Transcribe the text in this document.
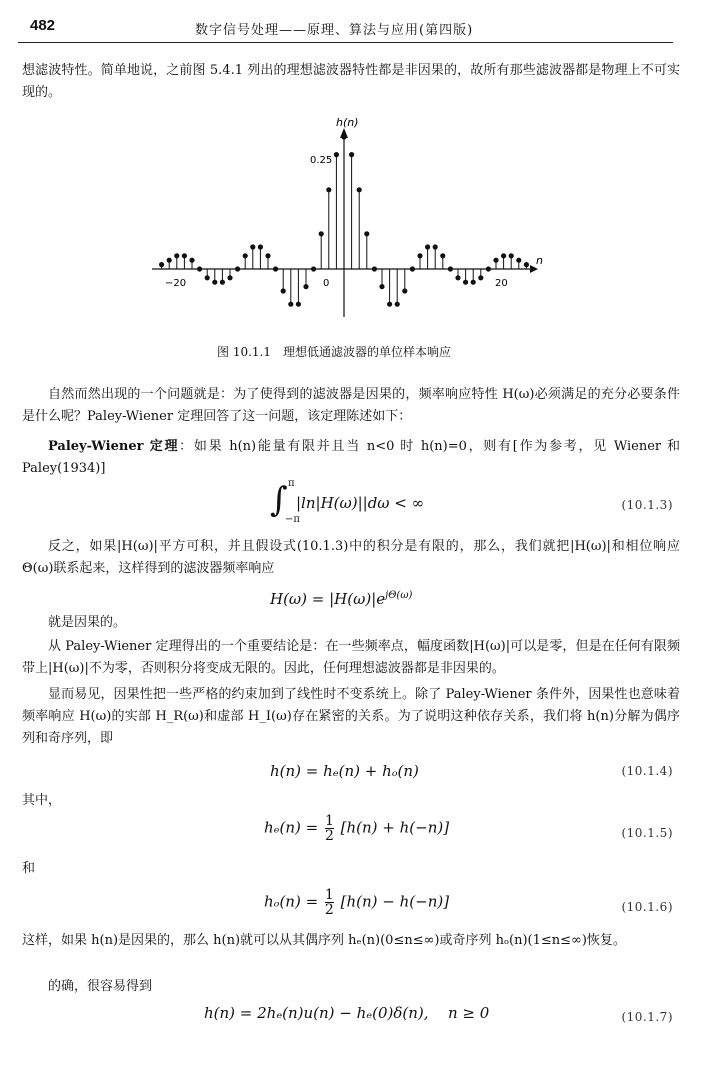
482	数字信号处理——原理、算法与应用(第四版)
想滤波特性。简单地说，之前图 5.4.1 列出的理想滤波器特性都是非因果的，故所有那些滤波器都是物理上不可实现的。
h(n)
n
0.25
−20	0	20
图 10.1.1　理想低通滤波器的单位样本响应
自然而然出现的一个问题就是：为了使得到的滤波器是因果的，频率响应特性 H(ω)必须满足的充分必要条件是什么呢？Paley-Wiener 定理回答了这一问题，该定理陈述如下：
Paley-Wiener 定理：如果 h(n)能量有限并且当 n<0 时 h(n)=0，则有[作为参考，见 Wiener 和 Paley(1934)]
∫ π
−π
|ln|H(ω)||dω < ∞	(10.1.3)
反之，如果|H(ω)|平方可积，并且假设式(10.1.3)中的积分是有限的，那么，我们就把|H(ω)|和相位响应 Θ(ω)联系起来，这样得到的滤波器频率响应
$H(\omega) = |H(\omega)|e^{j\Theta(\omega)}$
就是因果的。
从 Paley-Wiener 定理得出的一个重要结论是：在一些频率点，幅度函数|H(ω)|可以是零，但是在任何有限频带上|H(ω)|不为零，否则积分将变成无限的。因此，任何理想滤波器都是非因果的。
显而易见，因果性把一些严格的约束加到了线性时不变系统上。除了 Paley-Wiener 条件外，因果性也意味着频率响应 H(ω)的实部 H_R(ω)和虚部 H_I(ω)存在紧密的关系。为了说明这种依存关系，我们将 h(n)分解为偶序列和奇序列，即
h(n) = hₑ(n) + hₒ(n)	(10.1.4)
其中，
$h_e(n) = \frac{1}{2} [h(n) + h(-n)]$	(10.1.5)
和
$h_o(n) = \frac{1}{2} [h(n) - h(-n)]$	(10.1.6)
这样，如果 h(n)是因果的，那么 h(n)就可以从其偶序列 hₑ(n)(0≤n≤∞)或奇序列 hₒ(n)(1≤n≤∞)恢复。
的确，很容易得到
h(n) = 2hₑ(n)u(n) − hₑ(0)δ(n), n ≥ 0	(10.1.7)
